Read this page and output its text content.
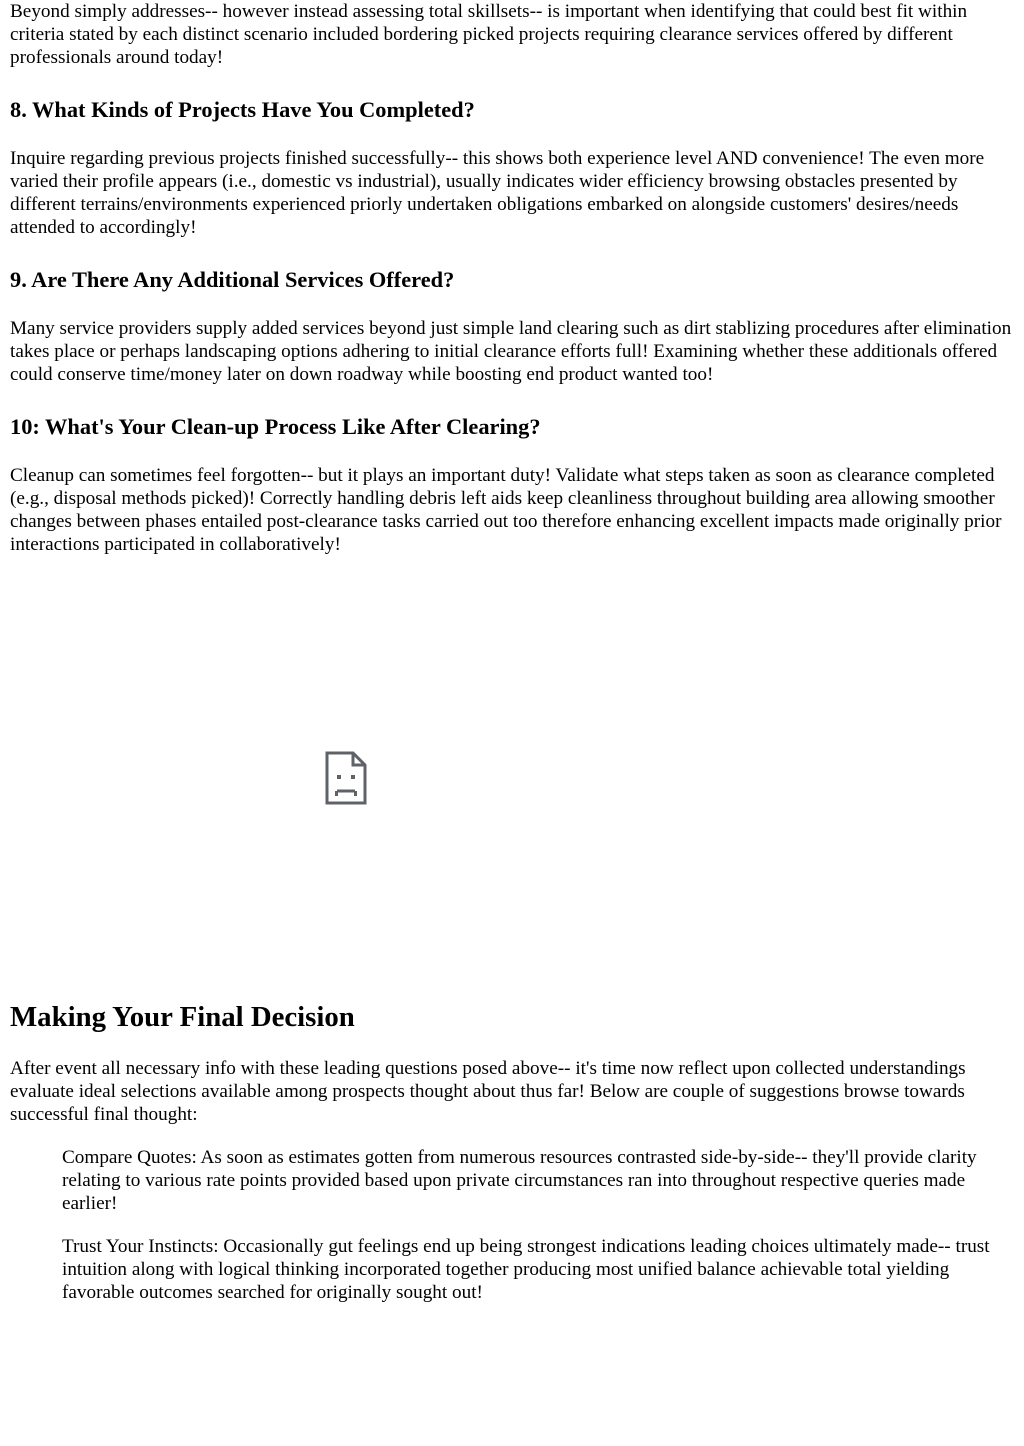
Beyond simply addresses-- however instead assessing total skillsets-- is important when identifying that could best fit within criteria stated by each distinct scenario included bordering picked projects requiring clearance services offered by different professionals around today!

8. What Kinds of Projects Have You Completed?

Inquire regarding previous projects finished successfully-- this shows both experience level AND convenience! The even more varied their profile appears (i.e., domestic vs industrial), usually indicates wider efficiency browsing obstacles presented by different terrains/environments experienced priorly undertaken obligations embarked on alongside customers' desires/needs attended to accordingly!

9. Are There Any Additional Services Offered?

Many service providers supply added services beyond just simple land clearing such as dirt stablizing procedures after elimination takes place or perhaps landscaping options adhering to initial clearance efforts full! Examining whether these additionals offered could conserve time/money later on down roadway while boosting end product wanted too!

10: What's Your Clean-up Process Like After Clearing?

Cleanup can sometimes feel forgotten-- but it plays an important duty! Validate what steps taken as soon as clearance completed (e.g., disposal methods picked)! Correctly handling debris left aids keep cleanliness throughout building area allowing smoother changes between phases entailed post-clearance tasks carried out too therefore enhancing excellent impacts made originally prior interactions participated in collaboratively!

Making Your Final Decision

After event all necessary info with these leading questions posed above-- it's time now reflect upon collected understandings evaluate ideal selections available among prospects thought about thus far! Below are couple of suggestions browse towards successful final thought:

Compare Quotes: As soon as estimates gotten from numerous resources contrasted side-by-side-- they'll provide clarity relating to various rate points provided based upon private circumstances ran into throughout respective queries made earlier!

Trust Your Instincts: Occasionally gut feelings end up being strongest indications leading choices ultimately made-- trust intuition along with logical thinking incorporated together producing most unified balance achievable total yielding favorable outcomes searched for originally sought out!
